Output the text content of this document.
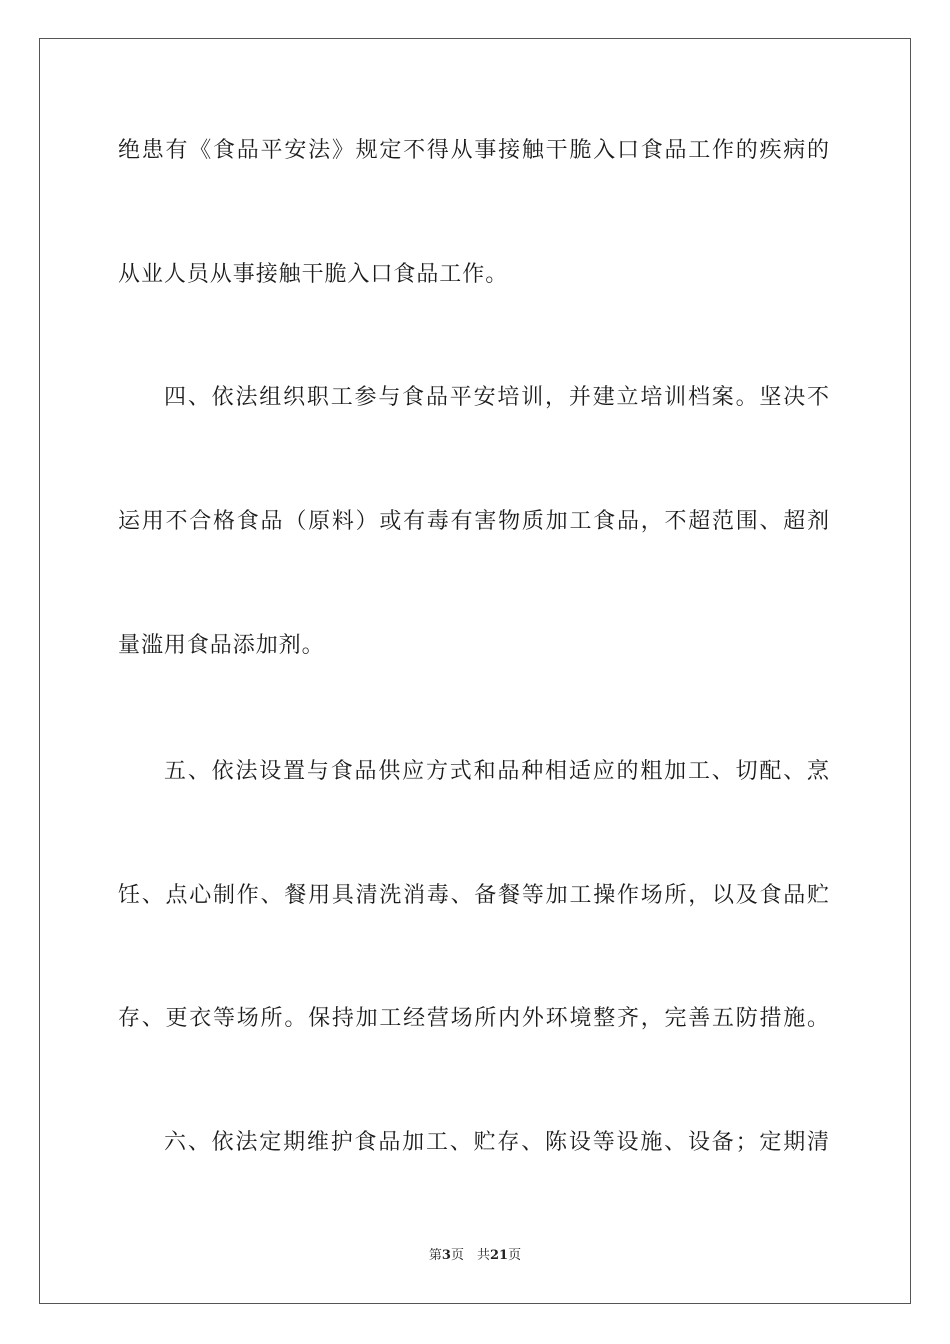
绝患有《食品平安法》规定不得从事接触干脆入口食品工作的疾病的
从业人员从事接触干脆入口食品工作。
四、依法组织职工参与食品平安培训，并建立培训档案。坚决不
运用不合格食品（原料）或有毒有害物质加工食品，不超范围、超剂
量滥用食品添加剂。
五、依法设置与食品供应方式和品种相适应的粗加工、切配、烹
饪、点心制作、餐用具清洗消毒、备餐等加工操作场所，以及食品贮
存、更衣等场所。保持加工经营场所内外环境整齐，完善五防措施。
六、依法定期维护食品加工、贮存、陈设等设施、设备；定期清
第3页　共21页
